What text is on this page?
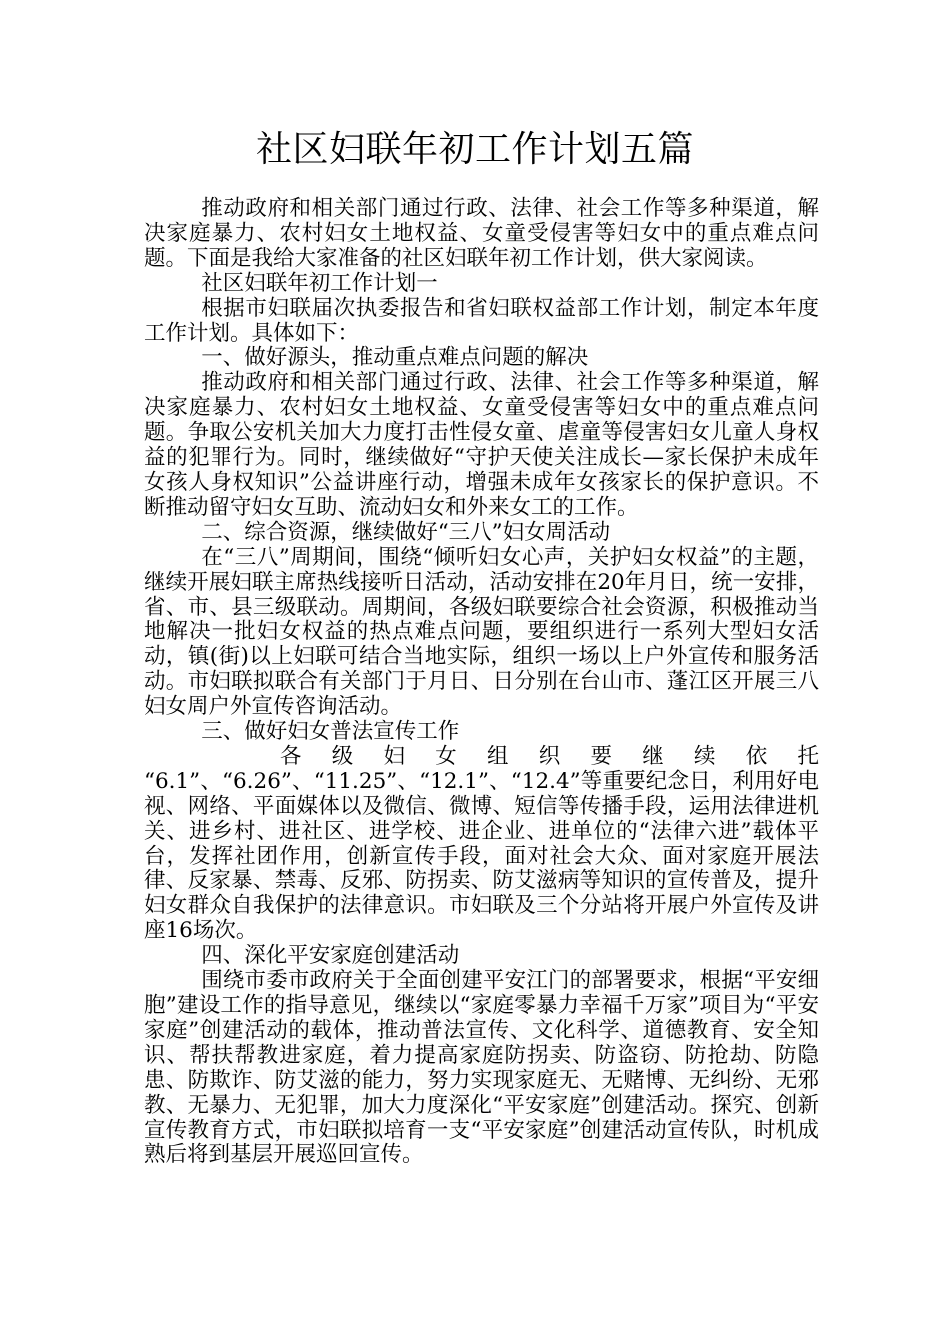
社区妇联年初工作计划五篇

推动政府和相关部门通过行政、法律、社会工作等多种渠道，解决家庭暴力、农村妇女土地权益、女童受侵害等妇女中的重点难点问题。下面是我给大家准备的社区妇联年初工作计划，供大家阅读。

社区妇联年初工作计划一

根据市妇联届次执委报告和省妇联权益部工作计划，制定本年度工作计划。具体如下：

一、做好源头，推动重点难点问题的解决

推动政府和相关部门通过行政、法律、社会工作等多种渠道，解决家庭暴力、农村妇女土地权益、女童受侵害等妇女中的重点难点问题。争取公安机关加大力度打击性侵女童、虐童等侵害妇女儿童人身权益的犯罪行为。同时，继续做好“守护天使关注成长—家长保护未成年女孩人身权知识”公益讲座行动，增强未成年女孩家长的保护意识。不断推动留守妇女互助、流动妇女和外来女工的工作。

二、综合资源，继续做好“三八”妇女周活动

在“三八”周期间，围绕“倾听妇女心声，关护妇女权益”的主题，继续开展妇联主席热线接听日活动，活动安排在20年月日，统一安排，省、市、县三级联动。周期间，各级妇联要综合社会资源，积极推动当地解决一批妇女权益的热点难点问题，要组织进行一系列大型妇女活动，镇(街)以上妇联可结合当地实际，组织一场以上户外宣传和服务活动。市妇联拟联合有关部门于月日、日分别在台山市、蓬江区开展三八妇女周户外宣传咨询活动。

三、做好妇女普法宣传工作

各级妇女组织要继续依托

“6.1”、“6.26”、“11.25”、“12.1”、“12.4”等重要纪念日，利用好电视、网络、平面媒体以及微信、微博、短信等传播手段，运用法律进机关、进乡村、进社区、进学校、进企业、进单位的“法律六进”载体平台，发挥社团作用，创新宣传手段，面对社会大众、面对家庭开展法律、反家暴、禁毒、反邪、防拐卖、防艾滋病等知识的宣传普及，提升妇女群众自我保护的法律意识。市妇联及三个分站将开展户外宣传及讲座16场次。

四、深化平安家庭创建活动

围绕市委市政府关于全面创建平安江门的部署要求，根据“平安细胞”建设工作的指导意见，继续以“家庭零暴力幸福千万家”项目为“平安家庭”创建活动的载体，推动普法宣传、文化科学、道德教育、安全知识、帮扶帮教进家庭，着力提高家庭防拐卖、防盗窃、防抢劫、防隐患、防欺诈、防艾滋的能力，努力实现家庭无、无赌博、无纠纷、无邪教、无暴力、无犯罪，加大力度深化“平安家庭”创建活动。探究、创新宣传教育方式，市妇联拟培育一支“平安家庭”创建活动宣传队，时机成熟后将到基层开展巡回宣传。
